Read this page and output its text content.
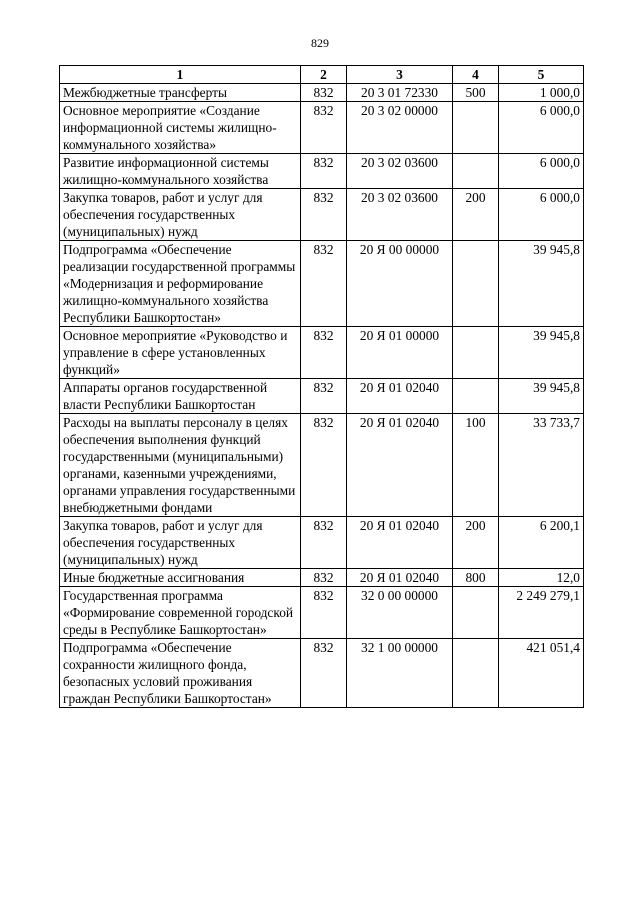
829
1	2	3	4	5
Межбюджетные трансферты	832	20 3 01 72330	500	1 000,0
Основное мероприятие «Создание информационной системы жилищно-коммунального хозяйства»	832	20 3 02 00000		6 000,0
Развитие информационной системы жилищно-коммунального хозяйства	832	20 3 02 03600		6 000,0
Закупка товаров, работ и услуг для обеспечения государственных (муниципальных) нужд	832	20 3 02 03600	200	6 000,0
Подпрограмма «Обеспечение реализации государственной программы «Модернизация и реформирование жилищно-коммунального хозяйства Республики Башкортостан»	832	20 Я 00 00000		39 945,8
Основное мероприятие «Руководство и управление в сфере установленных функций»	832	20 Я 01 00000		39 945,8
Аппараты органов государственной власти Республики Башкортостан	832	20 Я 01 02040		39 945,8
Расходы на выплаты персоналу в целях обеспечения выполнения функций государственными (муниципальными) органами, казенными учреждениями, органами управления государственными внебюджетными фондами	832	20 Я 01 02040	100	33 733,7
Закупка товаров, работ и услуг для обеспечения государственных (муниципальных) нужд	832	20 Я 01 02040	200	6 200,1
Иные бюджетные ассигнования	832	20 Я 01 02040	800	12,0
Государственная программа «Формирование современной городской среды в Республике Башкортостан»	832	32 0 00 00000		2 249 279,1
Подпрограмма «Обеспечение сохранности жилищного фонда, безопасных условий проживания граждан Республики Башкортостан»	832	32 1 00 00000		421 051,4
